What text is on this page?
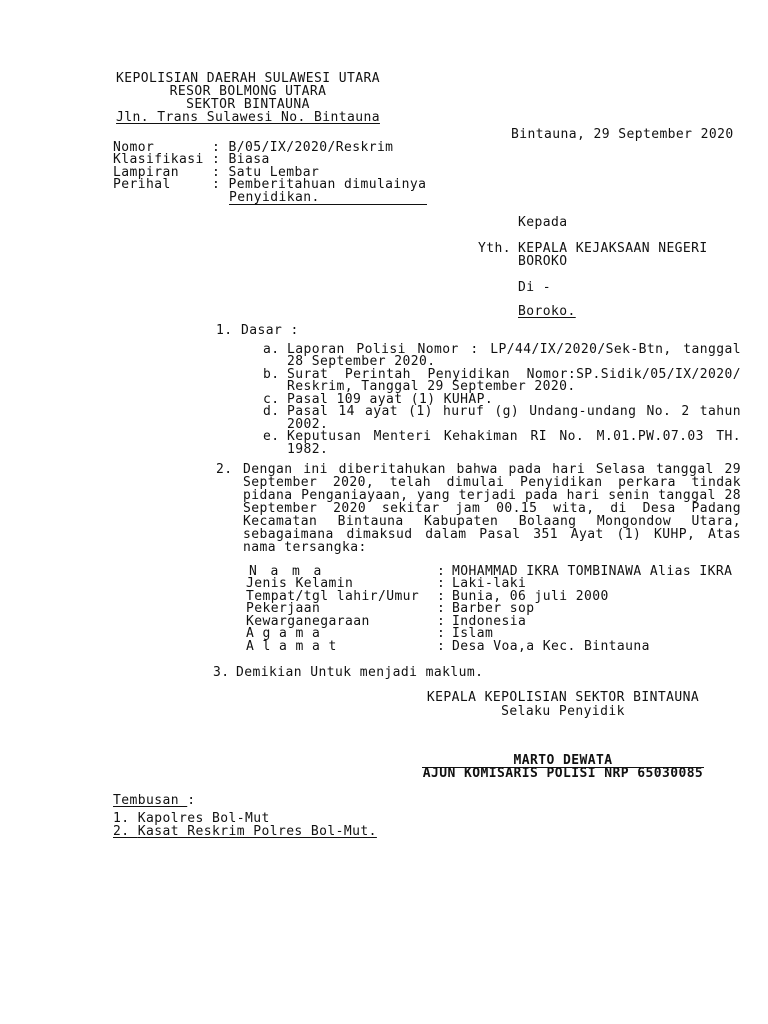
KEPOLISIAN DAERAH SULAWESI UTARA
RESOR BOLMONG UTARA
SEKTOR BINTAUNA
Jln. Trans Sulawesi No. Bintauna
Bintauna, 29 September 2020
Nomor	: B/05/IX/2020/Reskrim
Klasifikasi : Biasa
Lampiran	: Satu Lembar
Perihal	: Pemberitahuan dimulainya
Penyidikan.
Kepada
Yth. KEPALA KEJAKSAAN NEGERI
BOROKO
Di -
Boroko.
1. Dasar :
a. Laporan Polisi Nomor : LP/44/IX/2020/Sek-Btn, tanggal
28 September 2020.
b. Surat Perintah Penyidikan Nomor:SP.Sidik/05/IX/2020/
Reskrim, Tanggal 29 September 2020.
c. Pasal 109 ayat (1) KUHAP.
d. Pasal 14 ayat (1) huruf (g) Undang-undang No. 2 tahun
2002.
e. Keputusan Menteri Kehakiman RI No. M.01.PW.07.03 TH.
1982.
2. Dengan ini diberitahukan bahwa pada hari Selasa tanggal 29
September 2020, telah dimulai Penyidikan perkara tindak
pidana Penganiayaan, yang terjadi pada hari senin tanggal 28
September 2020 sekitar jam 00.15 wita, di Desa Padang
Kecamatan Bintauna Kabupaten Bolaang Mongondow Utara,
sebagaimana dimaksud dalam Pasal 351 Ayat (1) KUHP, Atas
nama tersangka:
N a m a	: MOHAMMAD IKRA TOMBINAWA Alias IKRA
Jenis Kelamin	: Laki-laki
Tempat/tgl lahir/Umur : Bunia, 06 juli 2000
Pekerjaan	: Barber sop
Kewarganegaraan	: Indonesia
A g a m a	: Islam
A l a m a t	: Desa Voa,a Kec. Bintauna
3. Demikian Untuk menjadi maklum.
KEPALA KEPOLISIAN SEKTOR BINTAUNA
Selaku Penyidik
MARTO DEWATA
AJUN KOMISARIS POLISI NRP 65030085
Tembusan :
1. Kapolres Bol-Mut
2. Kasat Reskrim Polres Bol-Mut.
